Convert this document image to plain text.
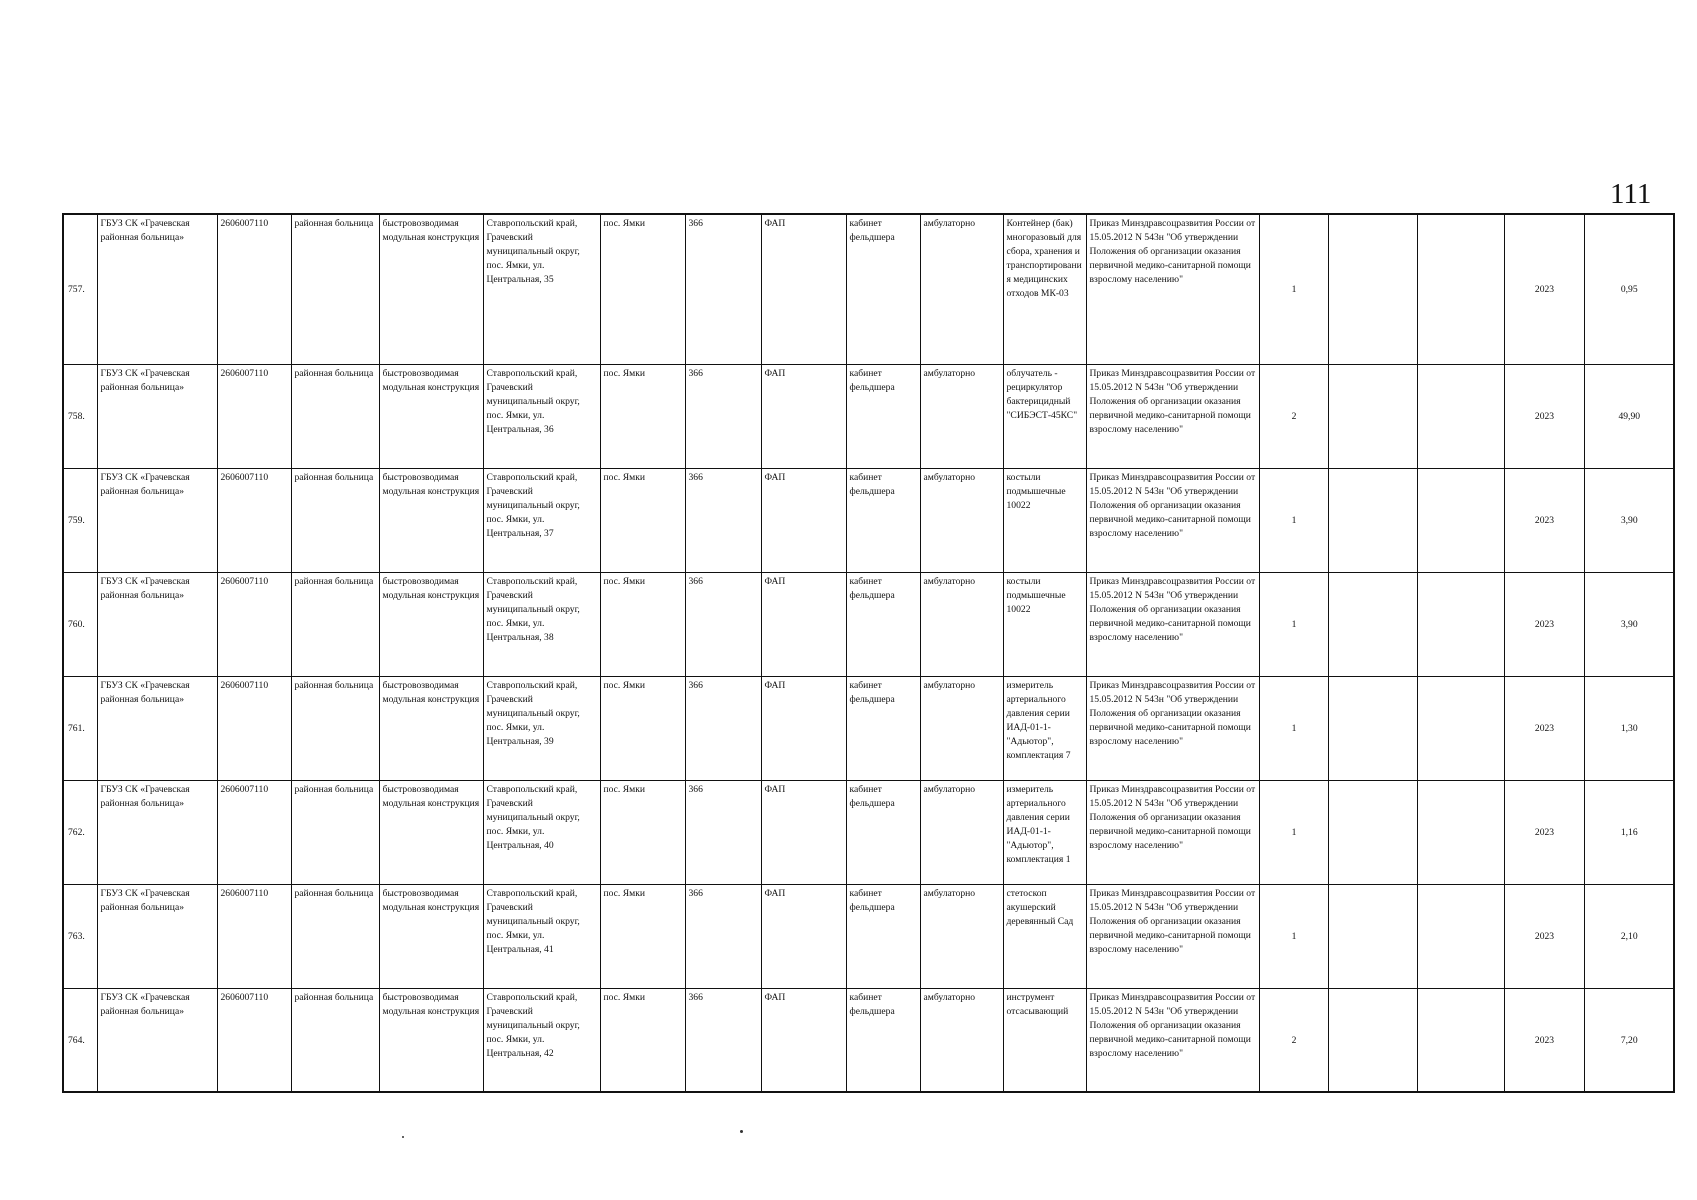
111
757.	ГБУЗ СК «Грачевская районная больница»	2606007110	районная больница	быстровозводимая модульная конструкция	Ставропольский край, Грачевский муниципальный округ, пос. Ямки, ул. Центральная, 35	пос. Ямки	366	ФАП	кабинет фельдшера	амбулаторно	Контейнер (бак) многоразовый для сбора, хранения и транспортирования медицинских отходов МК-03	Приказ Минздравсоцразвития России от 15.05.2012 N 543н "Об утверждении Положения об организации оказания первичной медико-санитарной помощи взрослому населению"	1			2023	0,95
758.	ГБУЗ СК «Грачевская районная больница»	2606007110	районная больница	быстровозводимая модульная конструкция	Ставропольский край, Грачевский муниципальный округ, пос. Ямки, ул. Центральная, 36	пос. Ямки	366	ФАП	кабинет фельдшера	амбулаторно	облучатель - рециркулятор бактерицидный "СИБЭСТ-45КС"	Приказ Минздравсоцразвития России от 15.05.2012 N 543н "Об утверждении Положения об организации оказания первичной медико-санитарной помощи взрослому населению"	2			2023	49,90
759.	ГБУЗ СК «Грачевская районная больница»	2606007110	районная больница	быстровозводимая модульная конструкция	Ставропольский край, Грачевский муниципальный округ, пос. Ямки, ул. Центральная, 37	пос. Ямки	366	ФАП	кабинет фельдшера	амбулаторно	костыли подмышечные 10022	Приказ Минздравсоцразвития России от 15.05.2012 N 543н "Об утверждении Положения об организации оказания первичной медико-санитарной помощи взрослому населению"	1			2023	3,90
760.	ГБУЗ СК «Грачевская районная больница»	2606007110	районная больница	быстровозводимая модульная конструкция	Ставропольский край, Грачевский муниципальный округ, пос. Ямки, ул. Центральная, 38	пос. Ямки	366	ФАП	кабинет фельдшера	амбулаторно	костыли подмышечные 10022	Приказ Минздравсоцразвития России от 15.05.2012 N 543н "Об утверждении Положения об организации оказания первичной медико-санитарной помощи взрослому населению"	1			2023	3,90
761.	ГБУЗ СК «Грачевская районная больница»	2606007110	районная больница	быстровозводимая модульная конструкция	Ставропольский край, Грачевский муниципальный округ, пос. Ямки, ул. Центральная, 39	пос. Ямки	366	ФАП	кабинет фельдшера	амбулаторно	измеритель артериального давления серии ИАД-01-1-"Адьютор", комплектация 7	Приказ Минздравсоцразвития России от 15.05.2012 N 543н "Об утверждении Положения об организации оказания первичной медико-санитарной помощи взрослому населению"	1			2023	1,30
762.	ГБУЗ СК «Грачевская районная больница»	2606007110	районная больница	быстровозводимая модульная конструкция	Ставропольский край, Грачевский муниципальный округ, пос. Ямки, ул. Центральная, 40	пос. Ямки	366	ФАП	кабинет фельдшера	амбулаторно	измеритель артериального давления серии ИАД-01-1-"Адьютор", комплектация 1	Приказ Минздравсоцразвития России от 15.05.2012 N 543н "Об утверждении Положения об организации оказания первичной медико-санитарной помощи взрослому населению"	1			2023	1,16
763.	ГБУЗ СК «Грачевская районная больница»	2606007110	районная больница	быстровозводимая модульная конструкция	Ставропольский край, Грачевский муниципальный округ, пос. Ямки, ул. Центральная, 41	пос. Ямки	366	ФАП	кабинет фельдшера	амбулаторно	стетоскоп акушерский деревянный Сад	Приказ Минздравсоцразвития России от 15.05.2012 N 543н "Об утверждении Положения об организации оказания первичной медико-санитарной помощи взрослому населению"	1			2023	2,10
764.	ГБУЗ СК «Грачевская районная больница»	2606007110	районная больница	быстровозводимая модульная конструкция	Ставропольский край, Грачевский муниципальный округ, пос. Ямки, ул. Центральная, 42	пос. Ямки	366	ФАП	кабинет фельдшера	амбулаторно	инструмент отсасывающий	Приказ Минздравсоцразвития России от 15.05.2012 N 543н "Об утверждении Положения об организации оказания первичной медико-санитарной помощи взрослому населению"	2			2023	7,20
